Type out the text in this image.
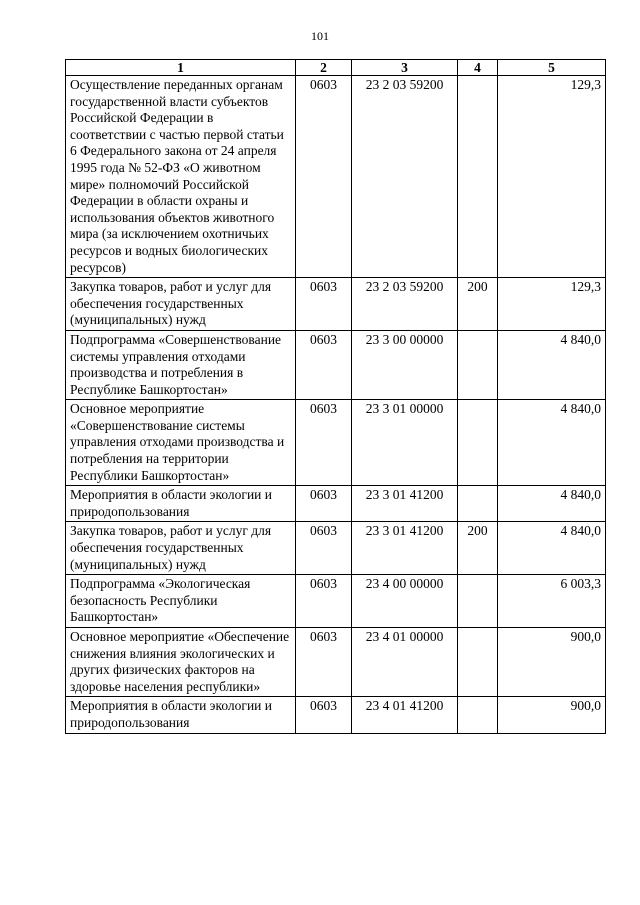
101
1	2	3	4	5
Осуществление переданных органам государственной власти субъектов Российской Федерации в соответствии с частью первой статьи 6 Федерального закона от 24 апреля 1995 года № 52-ФЗ «О животном мире» полномочий Российской Федерации в области охраны и использования объектов животного мира (за исключением охотничьих ресурсов и водных биологических ресурсов)	0603	23 2 03 59200		129,3
Закупка товаров, работ и услуг для обеспечения государственных (муниципальных) нужд	0603	23 2 03 59200	200	129,3
Подпрограмма «Совершенствование системы управления отходами производства и потребления в Республике Башкортостан»	0603	23 3 00 00000		4 840,0
Основное мероприятие «Совершенствование системы управления отходами производства и потребления на территории Республики Башкортостан»	0603	23 3 01 00000		4 840,0
Мероприятия в области экологии и природопользования	0603	23 3 01 41200		4 840,0
Закупка товаров, работ и услуг для обеспечения государственных (муниципальных) нужд	0603	23 3 01 41200	200	4 840,0
Подпрограмма «Экологическая безопасность Республики Башкортостан»	0603	23 4 00 00000		6 003,3
Основное мероприятие «Обеспечение снижения влияния экологических и других физических факторов на здоровье населения республики»	0603	23 4 01 00000		900,0
Мероприятия в области экологии и природопользования	0603	23 4 01 41200		900,0
